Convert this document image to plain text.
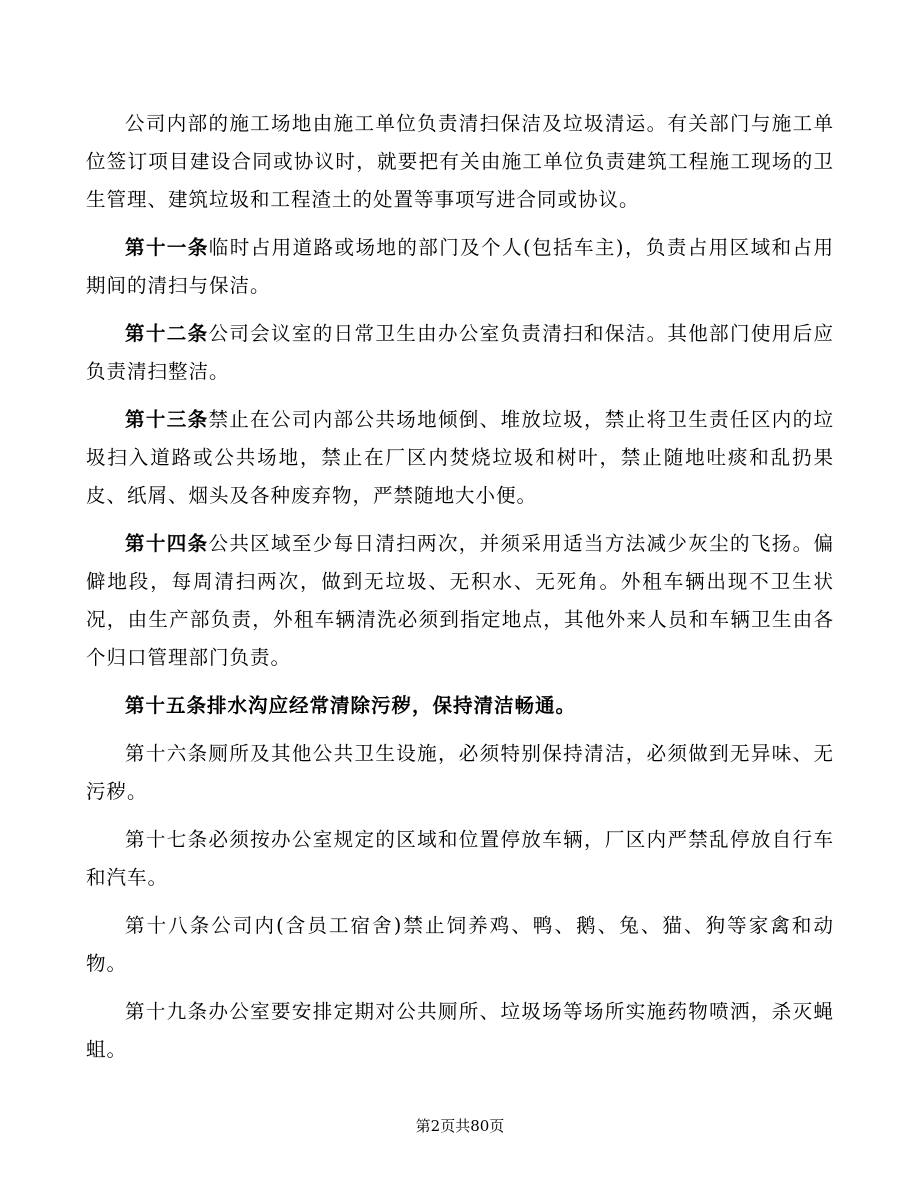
公司内部的施工场地由施工单位负责清扫保洁及垃圾清运。有关部门与施工单位签订项目建设合同或协议时，就要把有关由施工单位负责建筑工程施工现场的卫生管理、建筑垃圾和工程渣土的处置等事项写进合同或协议。

第十一条临时占用道路或场地的部门及个人(包括车主)，负责占用区域和占用期间的清扫与保洁。

第十二条公司会议室的日常卫生由办公室负责清扫和保洁。其他部门使用后应负责清扫整洁。

第十三条禁止在公司内部公共场地倾倒、堆放垃圾，禁止将卫生责任区内的垃圾扫入道路或公共场地，禁止在厂区内焚烧垃圾和树叶，禁止随地吐痰和乱扔果皮、纸屑、烟头及各种废弃物，严禁随地大小便。

第十四条公共区域至少每日清扫两次，并须采用适当方法减少灰尘的飞扬。偏僻地段，每周清扫两次，做到无垃圾、无积水、无死角。外租车辆出现不卫生状况，由生产部负责，外租车辆清洗必须到指定地点，其他外来人员和车辆卫生由各个归口管理部门负责。

第十五条排水沟应经常清除污秽，保持清洁畅通。

第十六条厕所及其他公共卫生设施，必须特别保持清洁，必须做到无异味、无污秽。

第十七条必须按办公室规定的区域和位置停放车辆，厂区内严禁乱停放自行车和汽车。

第十八条公司内(含员工宿舍)禁止饲养鸡、鸭、鹅、兔、猫、狗等家禽和动物。

第十九条办公室要安排定期对公共厕所、垃圾场等场所实施药物喷洒，杀灭蝇蛆。

第2页共80页
